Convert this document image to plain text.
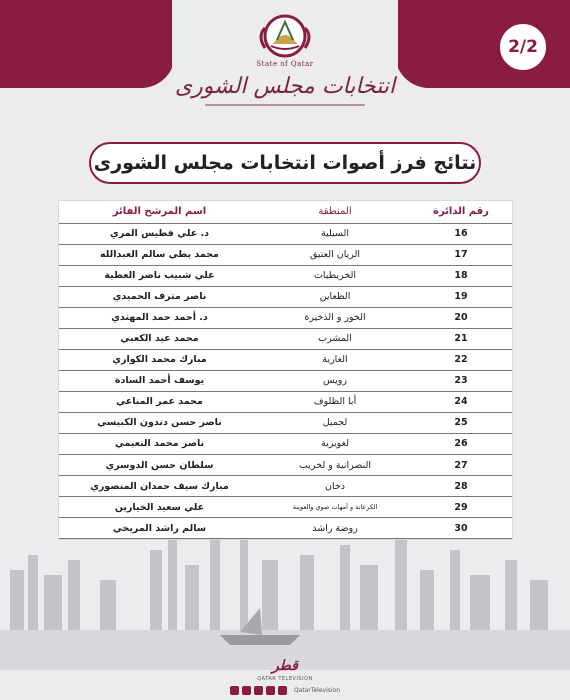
State of Qatar
انتخابات مجلس الشورى
2/2
نتائج فرز أصوات انتخابات مجلس الشورى
رقم الدائرة	المنطقة	اسم المرشح الفائز
16	السيلية	د. علي فطيس المري
17	الريان العتيق	محمد بطي سالم العبدالله
18	الخريطيات	علي شبيب ناصر العطية
19	الظعاين	ناصر مترف الحميدي
20	الخور و الذخيرة	د. أحمد حمد المهندي
21	المشرب	محمد عيد الكعبي
22	الغارية	مبارك محمد الكواري
23	رويس	يوسف أحمد السادة
24	أبا الظلوف	محمد عمر المناعي
25	لجميل	ناصر حسن دندون الكبيسي
26	لغويرية	ناصر محمد النعيمي
27	النصرانية و لخريب	سلطان حسن الدوسري
28	دخان	مبارك سيف حمدان المنصوري
29	الكرعانة و أمهات صوي والعوينة	علي سعيد الخيارين
30	روضة راشد	سالم راشد المريخي
قطر
QATAR TELEVISION
QatarTelevision
